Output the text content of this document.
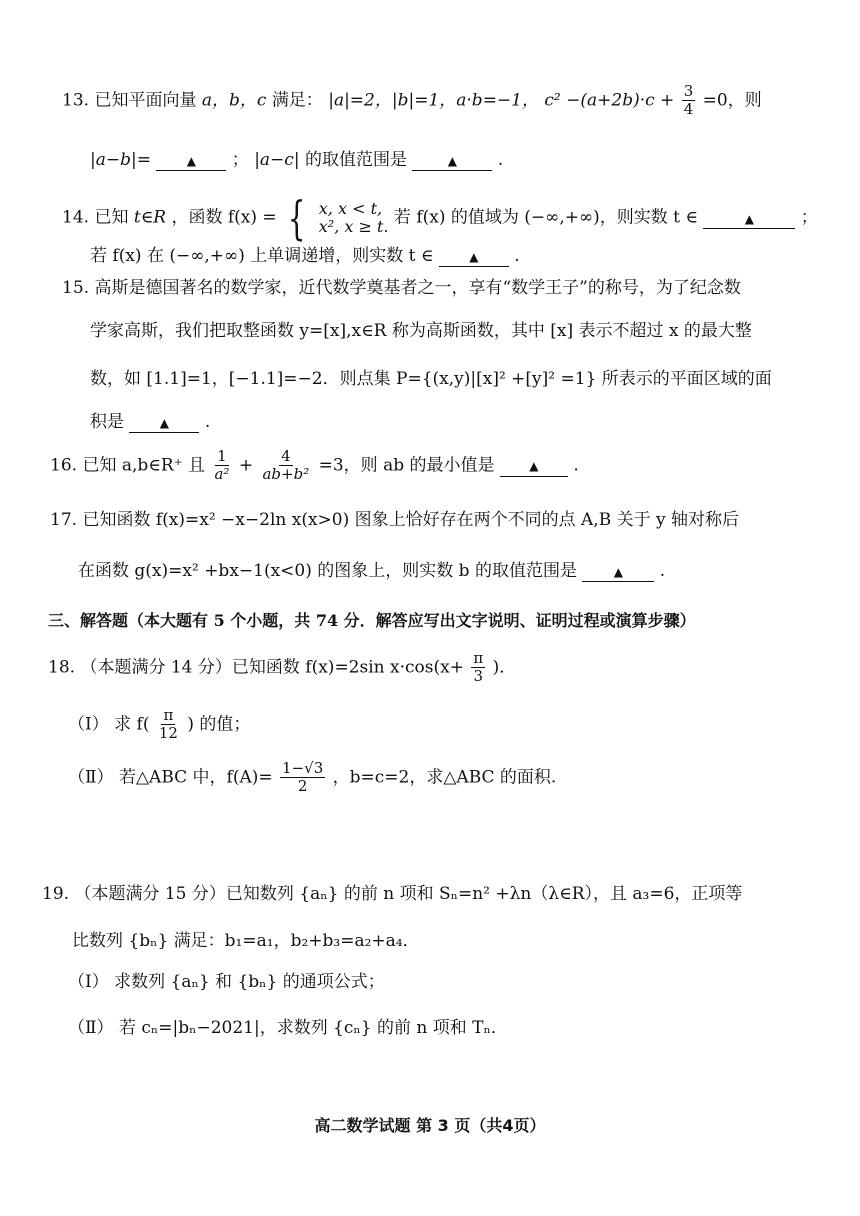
13. 已知平面向量 a，b，c 满足： |a|=2，|b|=1，a·b=−1， $c^2 -(a+2b)\cdot c + \frac{3}{4} =0$，则
|a−b|=	▲ ； |a−c| 的取值范围是	▲ .
14. 已知 t∈R ，函数 f(x) = { x, x < t,
x², x ≥ t. 若 f(x) 的值域为 (−∞,+∞)，则实数 t ∈	▲	；
若 f(x) 在 (−∞,+∞) 上单调递增，则实数 t ∈	▲ .
15. 高斯是德国著名的数学家，近代数学奠基者之一，享有“数学王子”的称号，为了纪念数
学家高斯，我们把取整函数 y=[x],x∈R 称为高斯函数，其中 [x] 表示不超过 x 的最大整
数，如 [1.1]=1，[−1.1]=−2．则点集 P={(x,y)|[x]² +[y]² =1} 所表示的平面区域的面
积是	▲ .
16. 已知 a,b∈R⁺ 且 $\frac{1}{\text{a²}} + \frac{4}{\text{ab+b²}} =3$，则 ab 的最小值是	▲ .
17. 已知函数 f(x)=x² −x−2ln x(x>0) 图象上恰好存在两个不同的点 A,B 关于 y 轴对称后
在函数 g(x)=x² +bx−1(x<0) 的图象上，则实数 b 的取值范围是	▲ .
三、解答题（本大题有 5 个小题，共 74 分．解答应写出文字说明、证明过程或演算步骤）
18. （本题满分 14 分）已知函数 f(x)=2sin $x\cdot\cos(x+ \frac{\pi}{3}$ )．
（Ⅰ） 求 $f( \frac{\pi}{12}$ ) 的值；
（Ⅱ） 若△ABC 中，$f(A)= \frac{1-√3}{2}$ ，b=c=2，求△ABC 的面积.
19. （本题满分 15 分）已知数列 {aₙ} 的前 n 项和 Sₙ=n² +λn（λ∈R），且 a₃=6，正项等
比数列 {bₙ} 满足：b₁=a₁，b₂+b₃=a₂+a₄．
（Ⅰ） 求数列 {aₙ} 和 {bₙ} 的通项公式；
（Ⅱ） 若 cₙ=|bₙ−2021|，求数列 {cₙ} 的前 n 项和 Tₙ．
高二数学试题 第 3 页（共4页）
